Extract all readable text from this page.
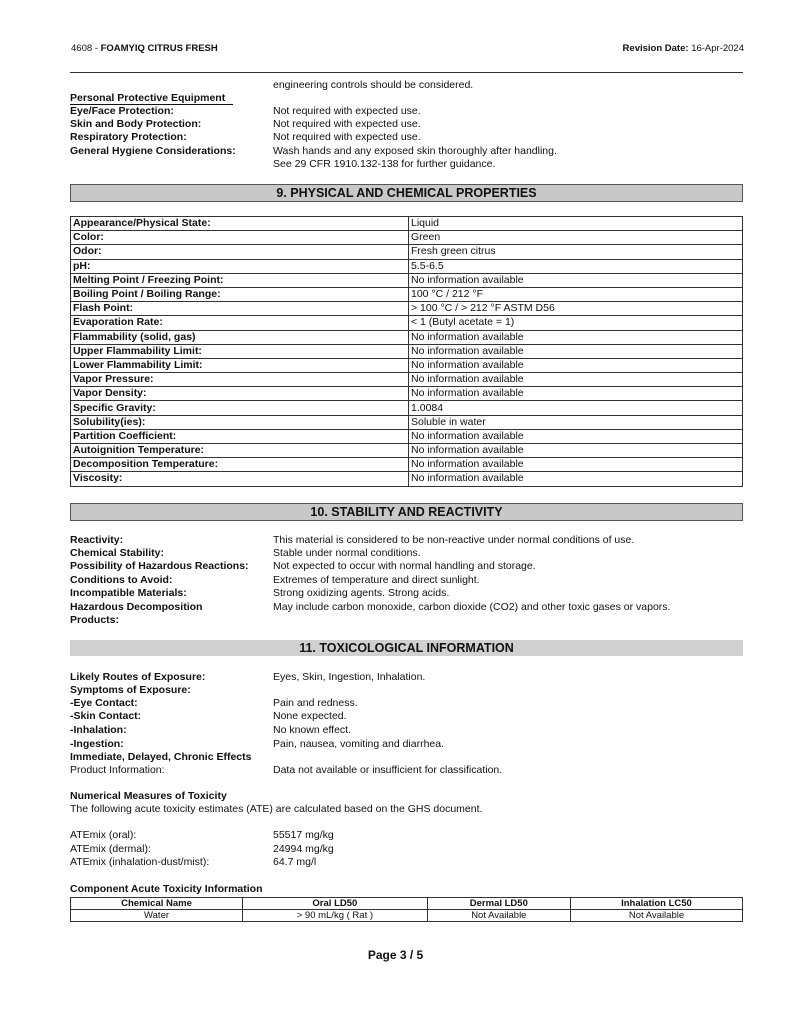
4608 - FOAMYIQ CITRUS FRESH	Revision Date: 16-Apr-2024
engineering controls should be considered.
Personal Protective Equipment
Eye/Face Protection:	Not required with expected use.
Skin and Body Protection:	Not required with expected use.
Respiratory Protection:	Not required with expected use.
General Hygiene Considerations:	Wash hands and any exposed skin thoroughly after handling.
See 29 CFR 1910.132-138 for further guidance.
9. PHYSICAL AND CHEMICAL PROPERTIES
Appearance/Physical State:	Liquid
Color:	Green
Odor:	Fresh green citrus
pH:	5.5-6.5
Melting Point / Freezing Point:	No information available
Boiling Point / Boiling Range:	100 °C / 212 °F
Flash Point:	> 100 °C / > 212 °F ASTM D56
Evaporation Rate:	< 1 (Butyl acetate = 1)
Flammability (solid, gas)	No information available
Upper Flammability Limit:	No information available
Lower Flammability Limit:	No information available
Vapor Pressure:	No information available
Vapor Density:	No information available
Specific Gravity:	1.0084
Solubility(ies):	Soluble in water
Partition Coefficient:	No information available
Autoignition Temperature:	No information available
Decomposition Temperature:	No information available
Viscosity:	No information available
10. STABILITY AND REACTIVITY
Reactivity:	This material is considered to be non-reactive under normal conditions of use.
Chemical Stability:	Stable under normal conditions.
Possibility of Hazardous Reactions: Not expected to occur with normal handling and storage.
Conditions to Avoid:	Extremes of temperature and direct sunlight.
Incompatible Materials:	Strong oxidizing agents. Strong acids.
Hazardous Decomposition	May include carbon monoxide, carbon dioxide (CO2) and other toxic gases or vapors.
Products:
11. TOXICOLOGICAL INFORMATION
Likely Routes of Exposure:	Eyes, Skin, Ingestion, Inhalation.
Symptoms of Exposure:
-Eye Contact:	Pain and redness.
-Skin Contact:	None expected.
-Inhalation:	No known effect.
-Ingestion:	Pain, nausea, vomiting and diarrhea.
Immediate, Delayed, Chronic Effects
Product Information:	Data not available or insufficient for classification.
Numerical Measures of Toxicity
The following acute toxicity estimates (ATE) are calculated based on the GHS document.
ATEmix (oral):	55517 mg/kg
ATEmix (dermal):	24994 mg/kg
ATEmix (inhalation-dust/mist):	64.7 mg/l
Component Acute Toxicity Information
Chemical Name	Oral LD50	Dermal LD50	Inhalation LC50
Water	> 90 mL/kg ( Rat )	Not Available	Not Available
Page 3 / 5
